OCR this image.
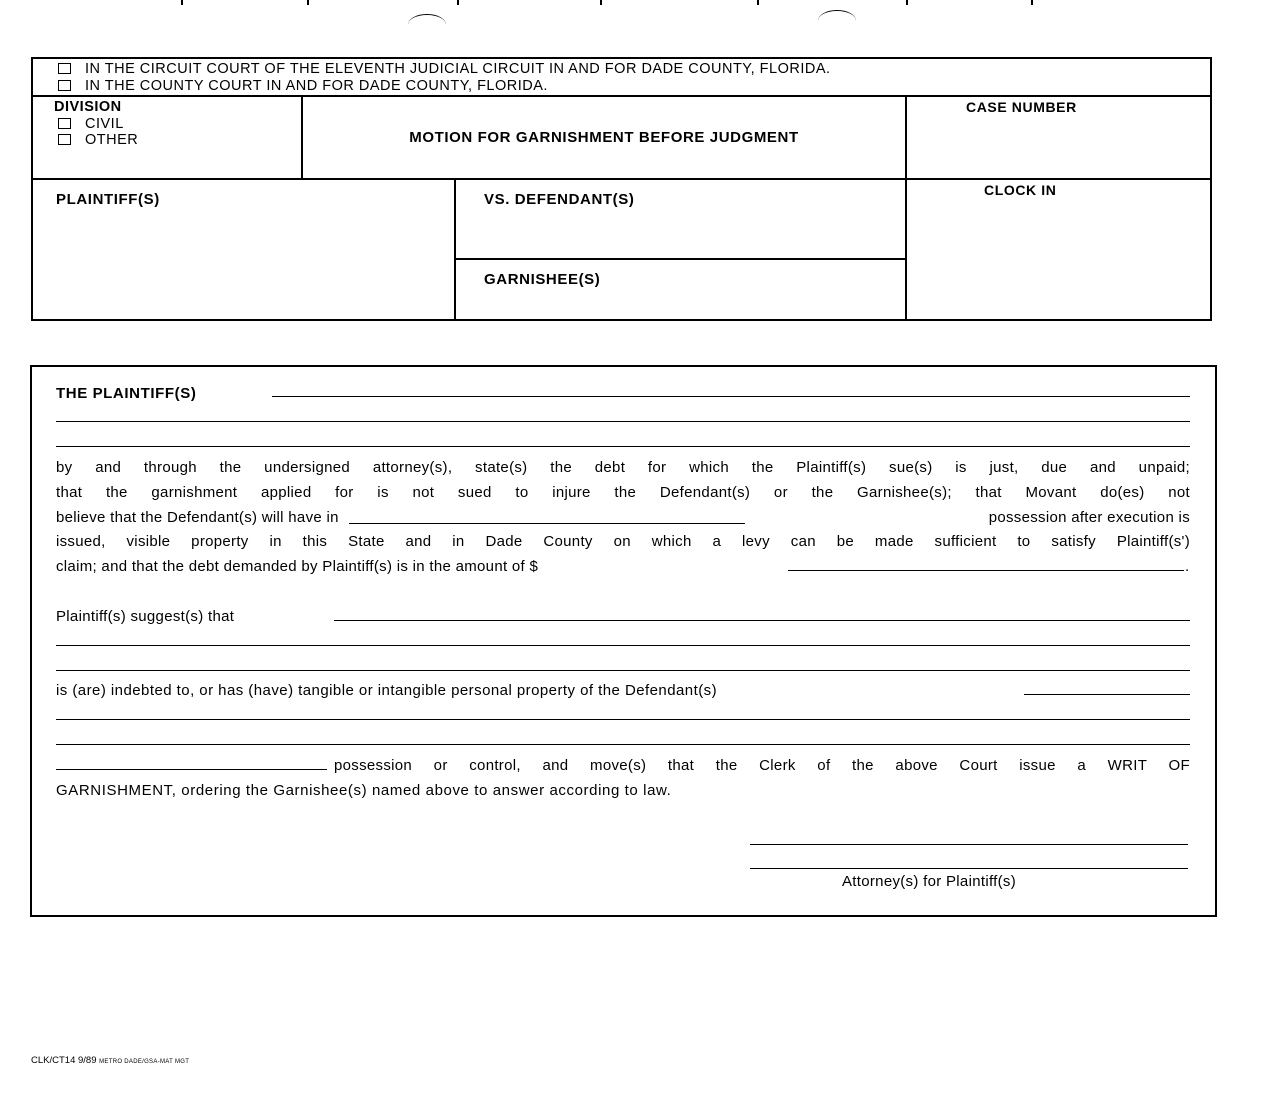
IN THE CIRCUIT COURT OF THE ELEVENTH JUDICIAL CIRCUIT IN AND FOR DADE COUNTY, FLORIDA.
IN THE COUNTY COURT IN AND FOR DADE COUNTY, FLORIDA.
DIVISION
CIVIL
OTHER	MOTION FOR GARNISHMENT BEFORE JUDGMENT
CASE NUMBER
CLOCK IN
PLAINTIFF(S)	VS. DEFENDANT(S)
GARNISHEE(S)
THE PLAINTIFF(S)
by and through the undersigned attorney(s), state(s) the debt for which the Plaintiff(s) sue(s) is just, due and unpaid;
that the garnishment applied for is not sued to injure the Defendant(s) or the Garnishee(s); that Movant do(es) not
believe that the Defendant(s) will have in	possession after execution is
issued, visible property in this State and in Dade County on which a levy can be made sufficient to satisfy Plaintiff(s')
claim; and that the debt demanded by Plaintiff(s) is in the amount of $	.
Plaintiff(s) suggest(s) that
is (are) indebted to, or has (have) tangible or intangible personal property of the Defendant(s)
possession or control, and move(s) that the Clerk of the above Court issue a WRIT OF
GARNISHMENT, ordering the Garnishee(s) named above to answer according to law.
Attorney(s) for Plaintiff(s)
CLK/CT14 9/89 METRO DADE/GSA-MAT MGT
